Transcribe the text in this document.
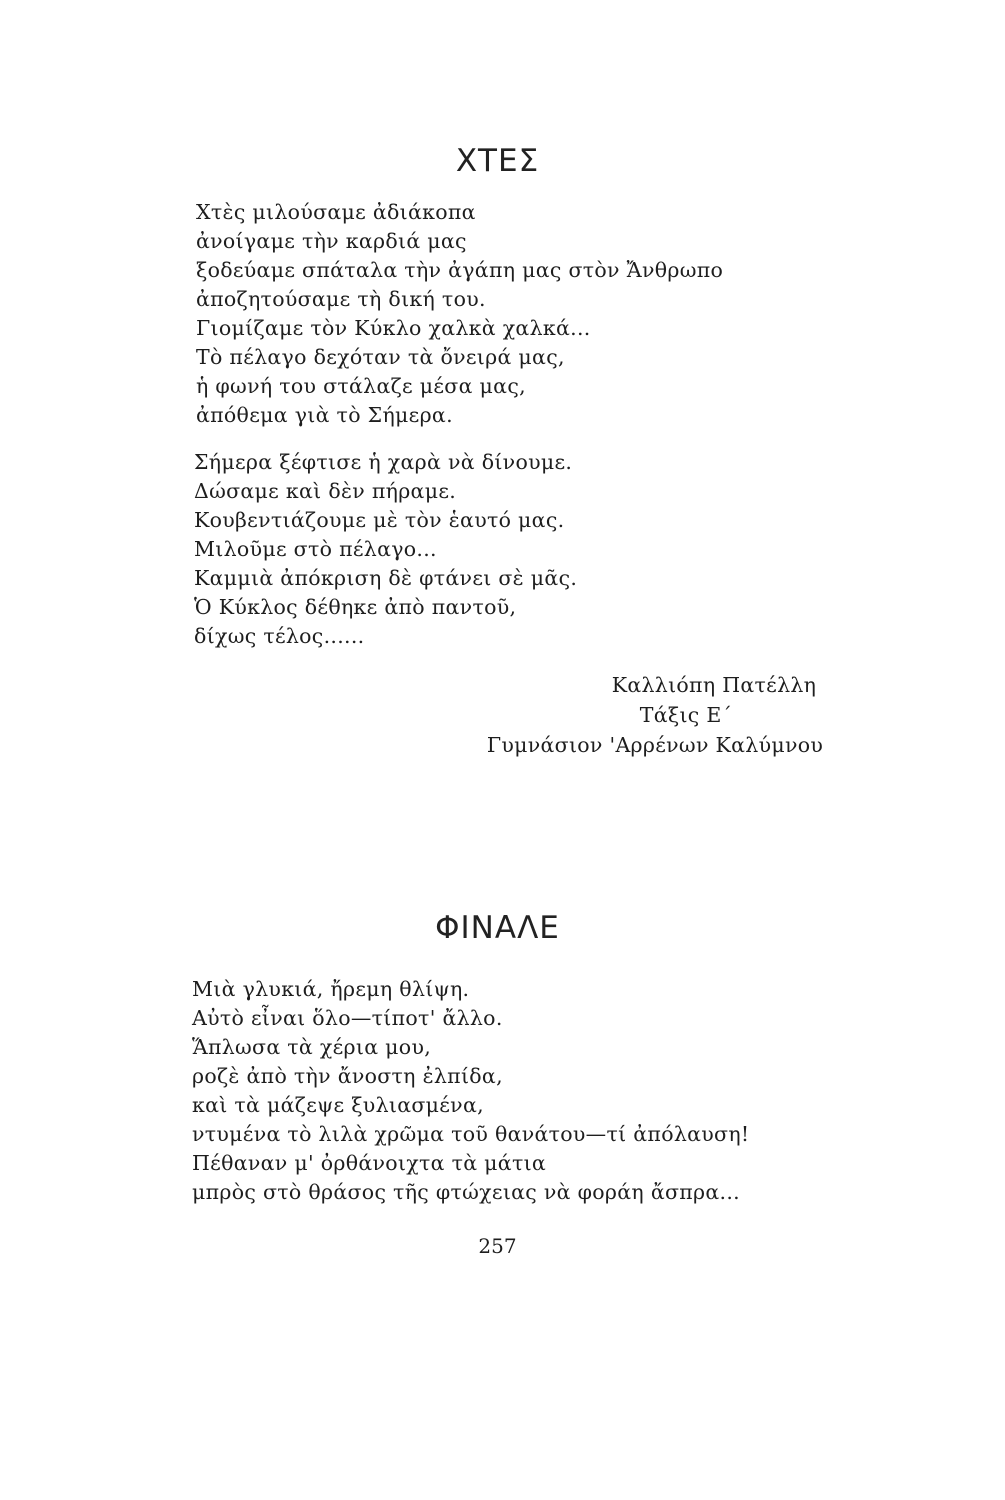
ΧΤΕΣ
Χτὲς μιλούσαμε ἀδιάκοπα
ἀνοίγαμε τὴν καρδιά μας
ξοδεύαμε σπάταλα τὴν ἀγάπη μας στὸν Ἄνθρωπο
ἀποζητούσαμε τὴ δική του.
Γιομίζαμε τὸν Κύκλο χαλκὰ χαλκά...
Τὸ πέλαγο δεχόταν τὰ ὄνειρά μας,
ἡ φωνή του στάλαζε μέσα μας,
ἀπόθεμα γιὰ τὸ Σήμερα.
Σήμερα ξέφτισε ἡ χαρὰ νὰ δίνουμε.
Δώσαμε καὶ δὲν πήραμε.
Κουβεντιάζουμε μὲ τὸν ἑαυτό μας.
Μιλοῦμε στὸ πέλαγο...
Καμμιὰ ἀπόκριση δὲ φτάνει σὲ μᾶς.
Ὁ Κύκλος δέθηκε ἀπὸ παντοῦ,
δίχως τέλος......
Καλλιόπη Πατέλλη
Τάξις Ε΄
Γυμνάσιον 'Αρρένων Καλύμνου
ΦΙΝΑΛΕ
Μιὰ γλυκιά, ἤρεμη θλίψη.
Αὐτὸ εἶναι ὅλο—τίποτ' ἄλλο.
Ἅπλωσα τὰ χέρια μου,
ροζὲ ἀπὸ τὴν ἄνοστη ἐλπίδα,
καὶ τὰ μάζεψε ξυλιασμένα,
ντυμένα τὸ λιλὰ χρῶμα τοῦ θανάτου—τί ἀπόλαυση!
Πέθαναν μ' ὀρθάνοιχτα τὰ μάτια
μπρὸς στὸ θράσος τῆς φτώχειας νὰ φοράη ἄσπρα...

257
